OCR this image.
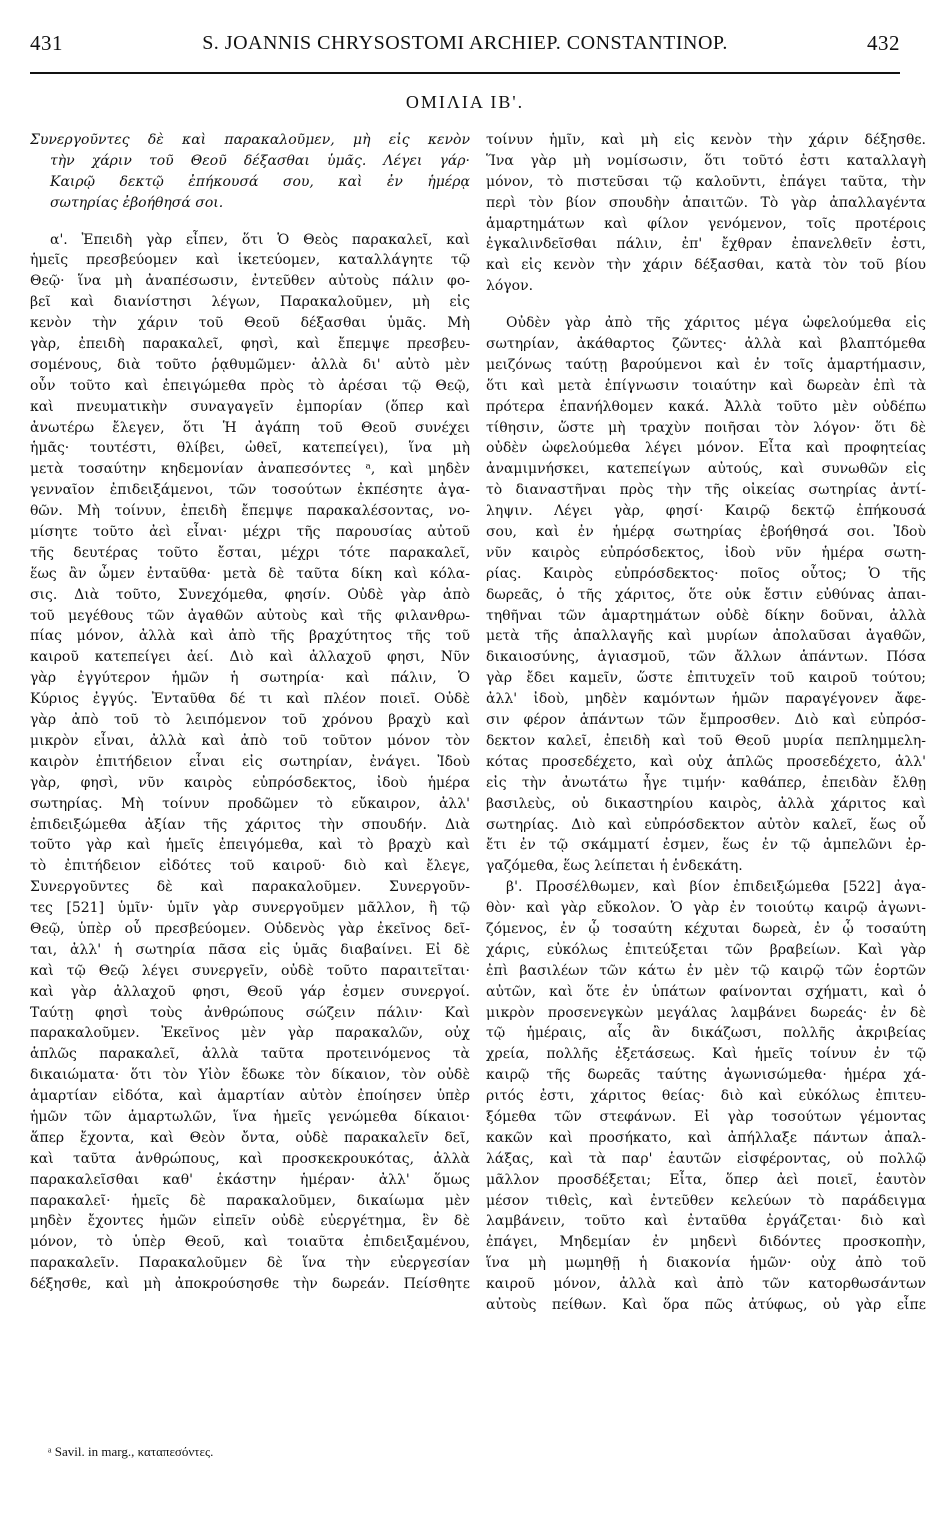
431	S. JOANNIS CHRYSOSTOMI ARCHIEP. CONSTANTINOP.	432
ΟΜΙΛΙΑ ΙΒ'.
Συνεργοῦντες δὲ καὶ παρακαλοῦμεν, μὴ εἰς κενὸν
τὴν χάριν τοῦ Θεοῦ δέξασθαι ὑμᾶς. Λέγει γάρ·
Καιρῷ δεκτῷ ἐπήκουσά σου, καὶ ἐν ἡμέρᾳ
σωτηρίας ἐβοήθησά σοι.
α'. Ἐπειδὴ γὰρ εἶπεν, ὅτι Ὁ Θεὸς παρακαλεῖ, καὶ
ἡμεῖς πρεσβεύομεν καὶ ἱκετεύομεν, καταλλάγητε τῷ
Θεῷ· ἵνα μὴ ἀναπέσωσιν, ἐντεῦθεν αὐτοὺς πάλιν φο-
βεῖ καὶ διανίστησι λέγων, Παρακαλοῦμεν, μὴ εἰς
κενὸν τὴν χάριν τοῦ Θεοῦ δέξασθαι ὑμᾶς. Μὴ
γὰρ, ἐπειδὴ παρακαλεῖ, φησὶ, καὶ ἔπεμψε πρεσβευ-
σομένους, διὰ τοῦτο ῥᾳθυμῶμεν· ἀλλὰ δι' αὐτὸ μὲν
οὖν τοῦτο καὶ ἐπειγώμεθα πρὸς τὸ ἀρέσαι τῷ Θεῷ,
καὶ πνευματικὴν συναγαγεῖν ἐμπορίαν (ὅπερ καὶ
ἀνωτέρω ἔλεγεν, ὅτι Ἡ ἀγάπη τοῦ Θεοῦ συνέχει
ἡμᾶς· τουτέστι, θλίβει, ὠθεῖ, κατεπείγει), ἵνα μὴ
μετὰ τοσαύτην κηδεμονίαν ἀναπεσόντες ᵃ, καὶ μηδὲν
γενναῖον ἐπιδειξάμενοι, τῶν τοσούτων ἐκπέσητε ἀγα-
θῶν. Μὴ τοίνυν, ἐπειδὴ ἔπεμψε παρακαλέσοντας, νο-
μίσητε τοῦτο ἀεὶ εἶναι· μέχρι τῆς παρουσίας αὐτοῦ
τῆς δευτέρας τοῦτο ἔσται, μέχρι τότε παρακαλεῖ,
ἕως ἂν ὦμεν ἐνταῦθα· μετὰ δὲ ταῦτα δίκη καὶ κόλα-
σις. Διὰ τοῦτο, Συνεχόμεθα, φησίν. Οὐδὲ γὰρ ἀπὸ
τοῦ μεγέθους τῶν ἀγαθῶν αὐτοὺς καὶ τῆς φιλανθρω-
πίας μόνον, ἀλλὰ καὶ ἀπὸ τῆς βραχύτητος τῆς τοῦ
καιροῦ κατεπείγει ἀεί. Διὸ καὶ ἀλλαχοῦ φησι, Νῦν
γὰρ ἐγγύτερον ἡμῶν ἡ σωτηρία· καὶ πάλιν, Ὁ
Κύριος ἐγγύς. Ἐνταῦθα δέ τι καὶ πλέον ποιεῖ. Οὐδὲ
γὰρ ἀπὸ τοῦ τὸ λειπόμενον τοῦ χρόνου βραχὺ καὶ
μικρὸν εἶναι, ἀλλὰ καὶ ἀπὸ τοῦ τοῦτον μόνον τὸν
καιρὸν ἐπιτήδειον εἶναι εἰς σωτηρίαν, ἐνάγει. Ἰδοὺ
γὰρ, φησὶ, νῦν καιρὸς εὐπρόσδεκτος, ἰδοὺ ἡμέρα
σωτηρίας. Μὴ τοίνυν προδῶμεν τὸ εὔκαιρον, ἀλλ'
ἐπιδειξώμεθα ἀξίαν τῆς χάριτος τὴν σπουδήν. Διὰ
τοῦτο γὰρ καὶ ἡμεῖς ἐπειγόμεθα, καὶ τὸ βραχὺ καὶ
τὸ ἐπιτήδειον εἰδότες τοῦ καιροῦ· διὸ καὶ ἔλεγε,
Συνεργοῦντες δὲ καὶ παρακαλοῦμεν. Συνεργοῦν-
τες [521] ὑμῖν· ὑμῖν γὰρ συνεργοῦμεν μᾶλλον, ἢ τῷ
Θεῷ, ὑπὲρ οὗ πρεσβεύομεν. Οὐδενὸς γὰρ ἐκεῖνος δεῖ-
ται, ἀλλ' ἡ σωτηρία πᾶσα εἰς ὑμᾶς διαβαίνει. Εἰ δὲ
καὶ τῷ Θεῷ λέγει συνεργεῖν, οὐδὲ τοῦτο παραιτεῖται·
καὶ γὰρ ἀλλαχοῦ φησι, Θεοῦ γάρ ἐσμεν συνεργοί.
Ταύτῃ φησὶ τοὺς ἀνθρώπους σώζειν πάλιν· Καὶ
παρακαλοῦμεν. Ἐκεῖνος μὲν γὰρ παρακαλῶν, οὐχ
ἁπλῶς παρακαλεῖ, ἀλλὰ ταῦτα προτεινόμενος τὰ
δικαιώματα· ὅτι τὸν Υἱὸν ἔδωκε τὸν δίκαιον, τὸν οὐδὲ
ἁμαρτίαν εἰδότα, καὶ ἁμαρτίαν αὐτὸν ἐποίησεν ὑπὲρ
ἡμῶν τῶν ἁμαρτωλῶν, ἵνα ἡμεῖς γενώμεθα δίκαιοι·
ἅπερ ἔχοντα, καὶ Θεὸν ὄντα, οὐδὲ παρακαλεῖν δεῖ,
καὶ ταῦτα ἀνθρώπους, καὶ προσκεκρουκότας, ἀλλὰ
παρακαλεῖσθαι καθ' ἑκάστην ἡμέραν· ἀλλ' ὅμως
παρακαλεῖ· ἡμεῖς δὲ παρακαλοῦμεν, δικαίωμα μὲν
μηδὲν ἔχοντες ἡμῶν εἰπεῖν οὐδὲ εὐεργέτημα, ἓν δὲ
μόνον, τὸ ὑπὲρ Θεοῦ, καὶ τοιαῦτα ἐπιδειξαμένου,
παρακαλεῖν. Παρακαλοῦμεν δὲ ἵνα τὴν εὐεργεσίαν
δέξησθε, καὶ μὴ ἀποκρούσησθε τὴν δωρεάν. Πείσθητε
τοίνυν ἡμῖν, καὶ μὴ εἰς κενὸν τὴν χάριν δέξησθε.
Ἵνα γὰρ μὴ νομίσωσιν, ὅτι τοῦτό ἐστι καταλλαγὴ
μόνον, τὸ πιστεῦσαι τῷ καλοῦντι, ἐπάγει ταῦτα, τὴν
περὶ τὸν βίον σπουδὴν ἀπαιτῶν. Τὸ γὰρ ἀπαλλαγέντα
ἁμαρτημάτων καὶ φίλον γενόμενον, τοῖς προτέροις
ἐγκαλινδεῖσθαι πάλιν, ἐπ' ἔχθραν ἐπανελθεῖν ἐστι,
καὶ εἰς κενὸν τὴν χάριν δέξασθαι, κατὰ τὸν τοῦ βίου
λόγον.
Οὐδὲν γὰρ ἀπὸ τῆς χάριτος μέγα ὠφελούμεθα εἰς
σωτηρίαν, ἀκάθαρτος ζῶντες· ἀλλὰ καὶ βλαπτόμεθα
μειζόνως ταύτῃ βαρούμενοι καὶ ἐν τοῖς ἁμαρτήμασιν,
ὅτι καὶ μετὰ ἐπίγνωσιν τοιαύτην καὶ δωρεὰν ἐπὶ τὰ
πρότερα ἐπανήλθομεν κακά. Ἀλλὰ τοῦτο μὲν οὐδέπω
τίθησιν, ὥστε μὴ τραχὺν ποιῆσαι τὸν λόγον· ὅτι δὲ
οὐδὲν ὠφελούμεθα λέγει μόνον. Εἶτα καὶ προφητείας
ἀναμιμνήσκει, κατεπείγων αὐτούς, καὶ συνωθῶν εἰς
τὸ διαναστῆναι πρὸς τὴν τῆς οἰκείας σωτηρίας ἀντί-
ληψιν. Λέγει γὰρ, φησί· Καιρῷ δεκτῷ ἐπήκουσά
σου, καὶ ἐν ἡμέρᾳ σωτηρίας ἐβοήθησά σοι. Ἰδοὺ
νῦν καιρὸς εὐπρόσδεκτος, ἰδοὺ νῦν ἡμέρα σωτη-
ρίας. Καιρὸς εὐπρόσδεκτος· ποῖος οὗτος; Ὁ τῆς
δωρεᾶς, ὁ τῆς χάριτος, ὅτε οὐκ ἔστιν εὐθύνας ἀπαι-
τηθῆναι τῶν ἁμαρτημάτων οὐδὲ δίκην δοῦναι, ἀλλὰ
μετὰ τῆς ἀπαλλαγῆς καὶ μυρίων ἀπολαῦσαι ἀγαθῶν,
δικαιοσύνης, ἁγιασμοῦ, τῶν ἄλλων ἁπάντων. Πόσα
γὰρ ἔδει καμεῖν, ὥστε ἐπιτυχεῖν τοῦ καιροῦ τούτου;
ἀλλ' ἰδοὺ, μηδὲν καμόντων ἡμῶν παραγέγονεν ἄφε-
σιν φέρον ἁπάντων τῶν ἔμπροσθεν. Διὸ καὶ εὐπρόσ-
δεκτον καλεῖ, ἐπειδὴ καὶ τοῦ Θεοῦ μυρία πεπλημμελη-
κότας προσεδέχετο, καὶ οὐχ ἁπλῶς προσεδέχετο, ἀλλ'
εἰς τὴν ἀνωτάτω ἦγε τιμήν· καθάπερ, ἐπειδὰν ἔλθῃ
βασιλεὺς, οὐ δικαστηρίου καιρὸς, ἀλλὰ χάριτος καὶ
σωτηρίας. Διὸ καὶ εὐπρόσδεκτον αὐτὸν καλεῖ, ἕως οὗ
ἔτι ἐν τῷ σκάμματί ἐσμεν, ἕως ἐν τῷ ἀμπελῶνι ἐρ-
γαζόμεθα, ἕως λείπεται ἡ ἑνδεκάτη.
β'. Προσέλθωμεν, καὶ βίον ἐπιδειξώμεθα [522] ἀγα-
θὸν· καὶ γὰρ εὔκολον. Ὁ γὰρ ἐν τοιούτῳ καιρῷ ἀγωνι-
ζόμενος, ἐν ᾧ τοσαύτη κέχυται δωρεὰ, ἐν ᾧ τοσαύτη
χάρις, εὐκόλως ἐπιτεύξεται τῶν βραβείων. Καὶ γὰρ
ἐπὶ βασιλέων τῶν κάτω ἐν μὲν τῷ καιρῷ τῶν ἑορτῶν
αὐτῶν, καὶ ὅτε ἐν ὑπάτων φαίνονται σχήματι, καὶ ὁ
μικρὸν προσενεγκὼν μεγάλας λαμβάνει δωρεάς· ἐν δὲ
τῷ ἡμέραις, αἷς ἂν δικάζωσι, πολλῆς ἀκριβείας
χρεία, πολλῆς ἐξετάσεως. Καὶ ἡμεῖς τοίνυν ἐν τῷ
καιρῷ τῆς δωρεᾶς ταύτης ἀγωνισώμεθα· ἡμέρα χά-
ριτός ἐστι, χάριτος θείας· διὸ καὶ εὐκόλως ἐπιτευ-
ξόμεθα τῶν στεφάνων. Εἰ γὰρ τοσούτων γέμοντας
κακῶν καὶ προσήκατο, καὶ ἀπήλλαξε πάντων ἀπαλ-
λάξας, καὶ τὰ παρ' ἑαυτῶν εἰσφέροντας, οὐ πολλῷ
μᾶλλον προσδέξεται; Εἶτα, ὅπερ ἀεὶ ποιεῖ, ἑαυτὸν
μέσον τιθεὶς, καὶ ἐντεῦθεν κελεύων τὸ παράδειγμα
λαμβάνειν, τοῦτο καὶ ἐνταῦθα ἐργάζεται· διὸ καὶ
ἐπάγει, Μηδεμίαν ἐν μηδενὶ διδόντες προσκοπὴν,
ἵνα μὴ μωμηθῇ ἡ διακονία ἡμῶν· οὐχ ἀπὸ τοῦ
καιροῦ μόνον, ἀλλὰ καὶ ἀπὸ τῶν κατορθωσάντων
αὐτοὺς πείθων. Καὶ ὅρα πῶς ἀτύφως, οὐ γὰρ εἶπε
ᵃ Savil. in marg., καταπεσόντες.
